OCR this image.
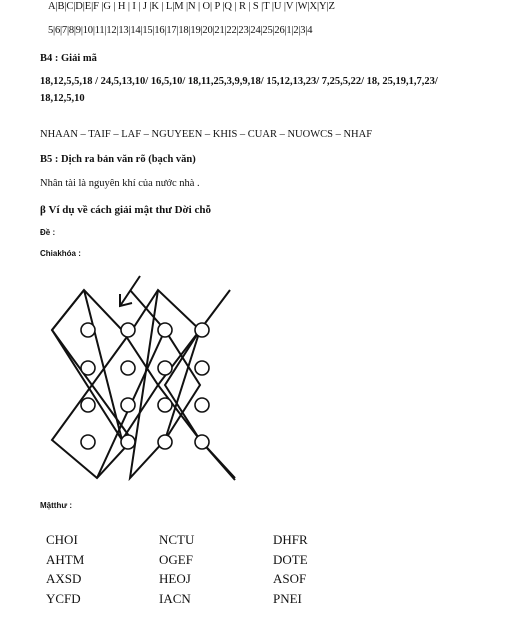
A|B|C|D|E|F |G | H | I | J |K | L|M |N | O| P |Q | R | S |T |U |V |W|X|Y|Z
5|6|7|8|9|10|11|12|13|14|15|16|17|18|19|20|21|22|23|24|25|26|1|2|3|4
B4 : Giải mã
18,12,5,5,18 / 24,5,13,10/ 16,5,10/ 18,11,25,3,9,9,18/ 15,12,13,23/ 7,25,5,22/ 18, 25,19,1,7,23/
18,12,5,10
NHAAN – TAIF – LAF – NGUYEEN – KHIS – CUAR – NUOWCS – NHAF
B5 : Dịch ra bản văn rõ (bạch văn)
Nhân tài là nguyên khí của nước nhà .
β Ví dụ về cách giải mật thư Dời chỗ
Đề :
Chiakhóa :
Mậtthư :
CHOI
AHTM
AXSD
YCFD
NCTU
OGEF
HEOJ
IACN
DHFR
DOTE
ASOF
PNEI
